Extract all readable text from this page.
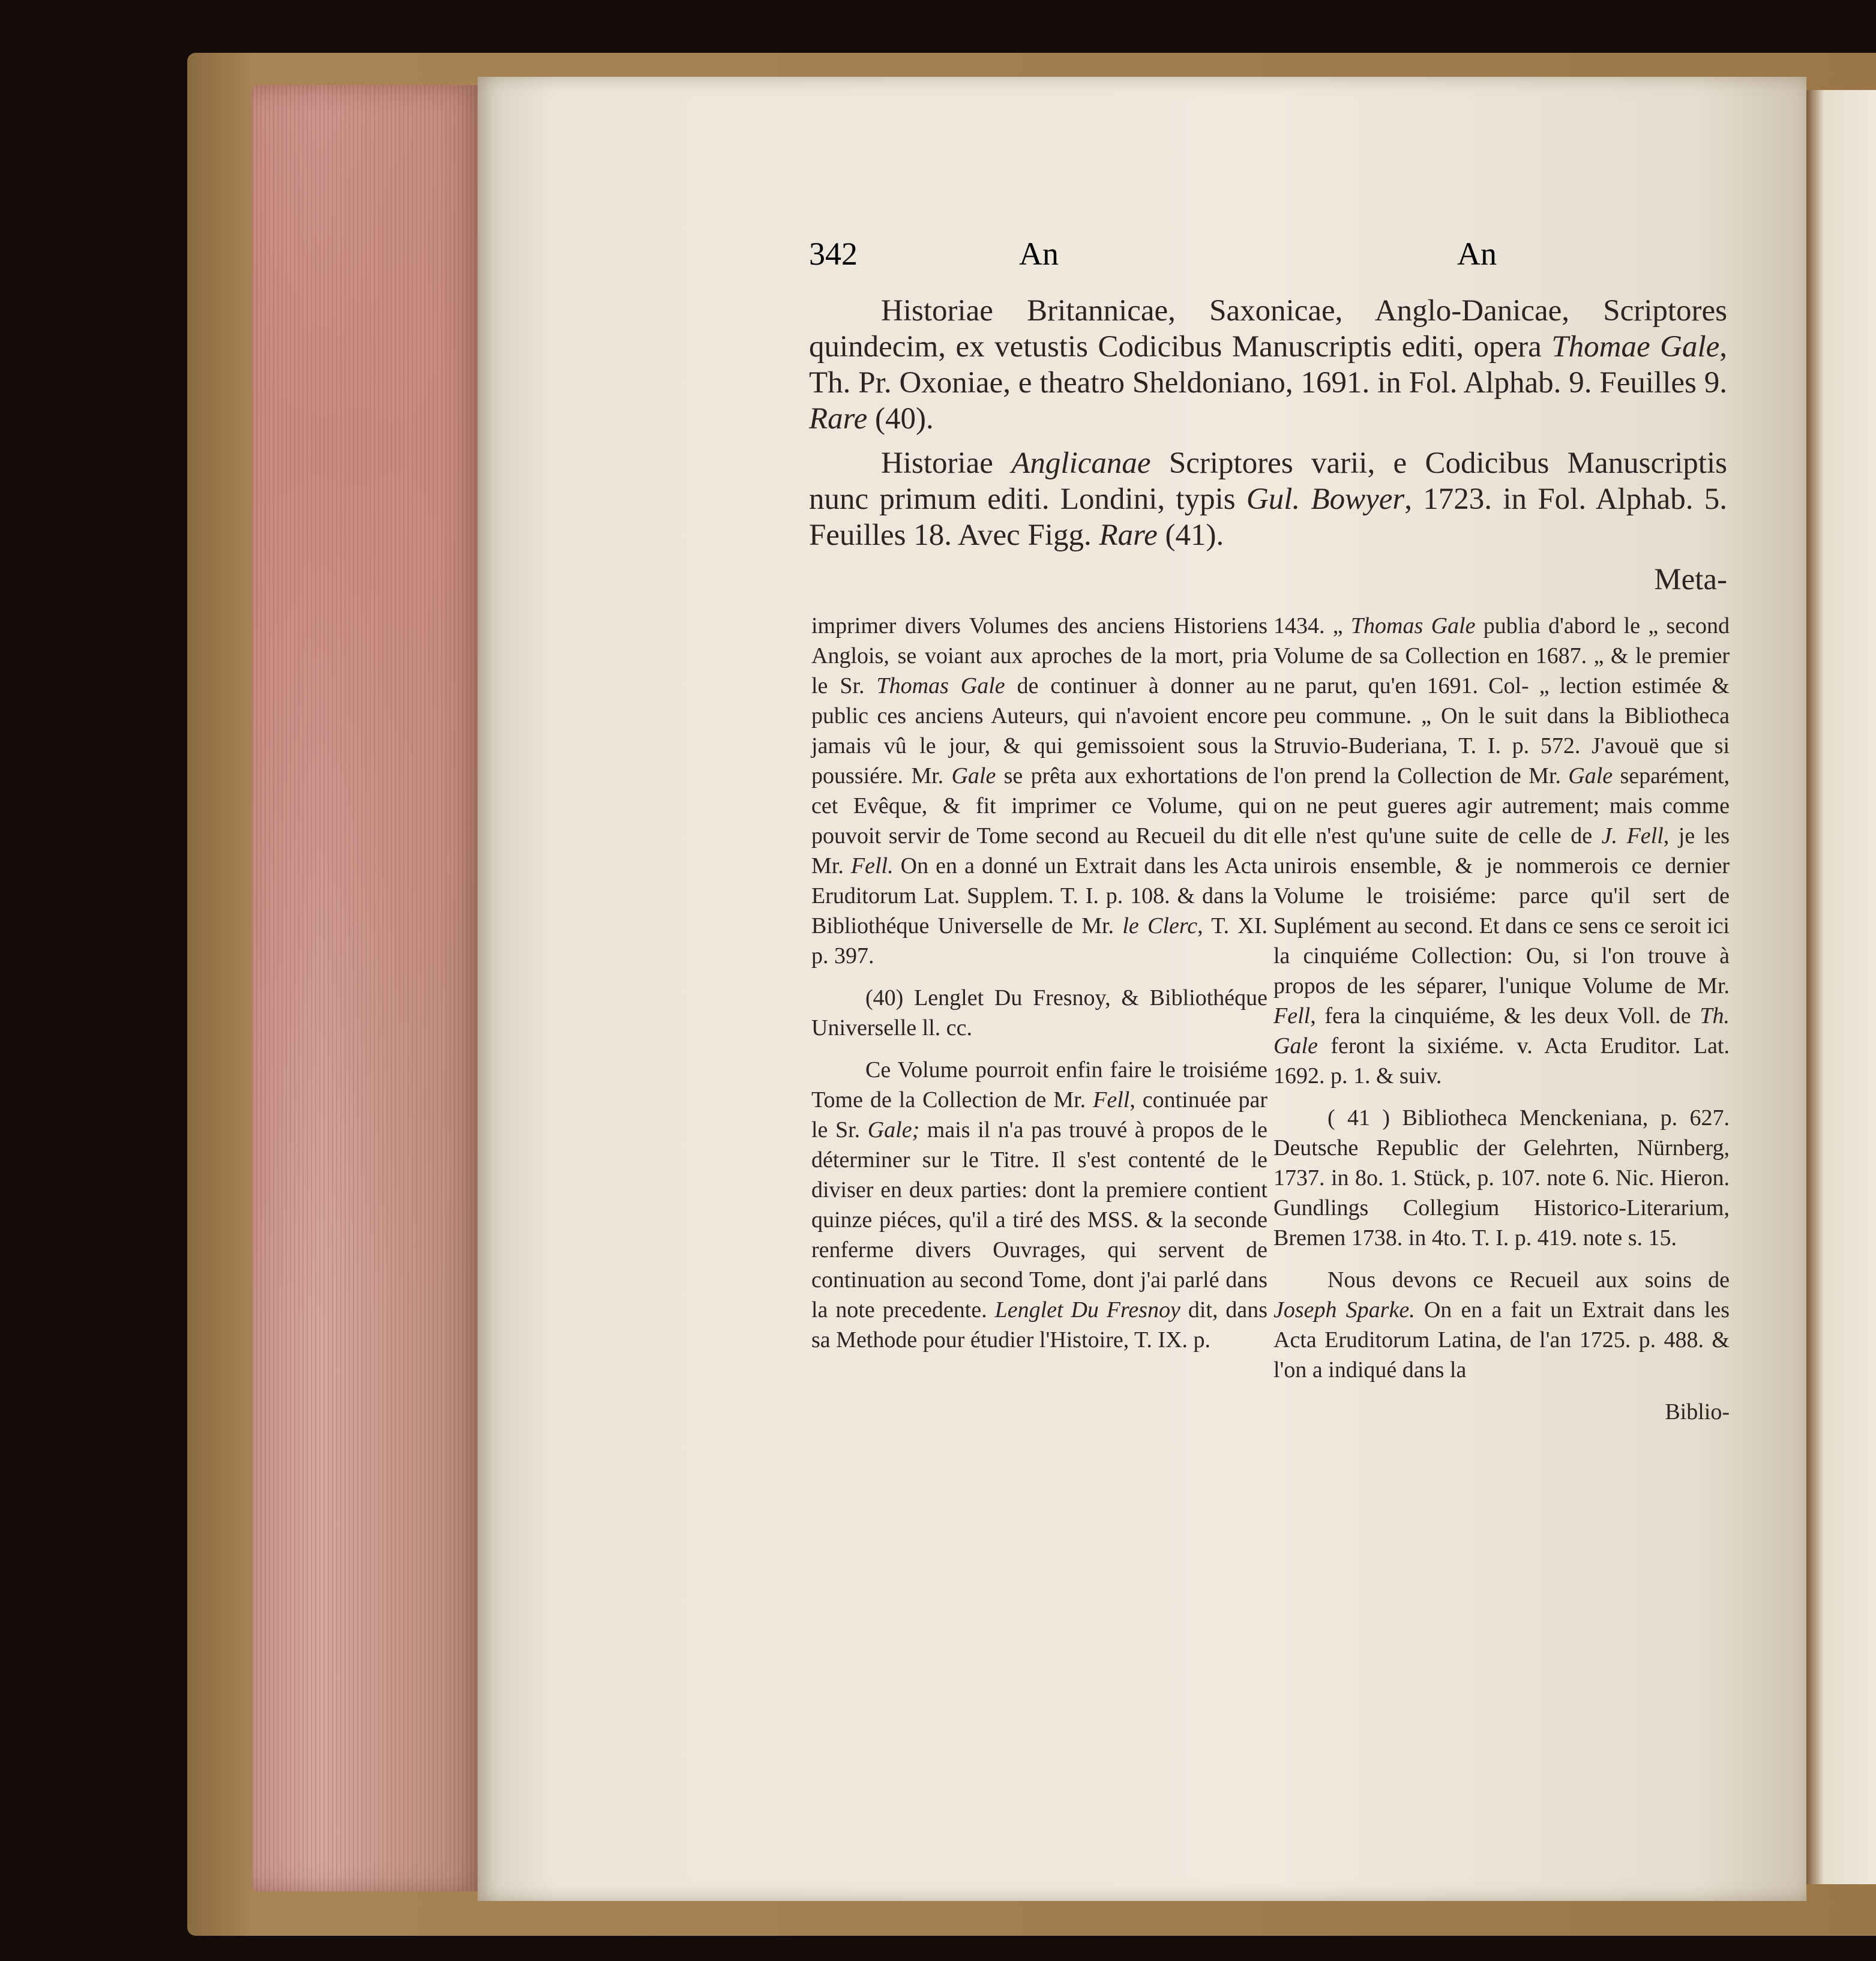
342	An	An

Historiae Britannicae, Saxonicae, Anglo-Danicae, Scriptores quindecim, ex vetustis Codicibus Manuscriptis editi, opera Thomae Gale, Th. Pr. Oxoniae, e theatro Sheldoniano, 1691. in Fol. Alphab. 9. Feuilles 9. Rare (40).

Historiae Anglicanae Scriptores varii, e Codicibus Manuscriptis nunc primum editi. Londini, typis Gul. Bowyer, 1723. in Fol. Alphab. 5. Feuilles 18. Avec Figg. Rare (41).

Meta-

imprimer divers Volumes des anciens Historiens Anglois, se voiant aux aproches de la mort, pria le Sr. Thomas Gale de continuer à donner au public ces anciens Auteurs, qui n'avoient encore jamais vû le jour, & qui gemissoient sous la poussiére. Mr. Gale se prêta aux exhortations de cet Evêque, & fit imprimer ce Volume, qui pouvoit servir de Tome second au Recueil du dit Mr. Fell. On en a donné un Extrait dans les Acta Eruditorum Lat. Supplem. T. I. p. 108. & dans la Bibliothéque Universelle de Mr. le Clerc, T. XI. p. 397.

(40) Lenglet Du Fresnoy, & Bibliothéque Universelle ll. cc.

Ce Volume pourroit enfin faire le troisiéme Tome de la Collection de Mr. Fell, continuée par le Sr. Gale; mais il n'a pas trouvé à propos de le déterminer sur le Titre. Il s'est contenté de le diviser en deux parties: dont la premiere contient quinze piéces, qu'il a tiré des MSS. & la seconde renferme divers Ouvrages, qui servent de continuation au second Tome, dont j'ai parlé dans la note precedente. Lenglet Du Fresnoy dit, dans sa Methode pour étudier l'Histoire, T. IX. p.

1434. „ Thomas Gale publia d'abord le „ second Volume de sa Collection en 1687. „ & le premier ne parut, qu'en 1691. Col- „ lection estimée & peu commune. „ On le suit dans la Bibliotheca Struvio-Buderiana, T. I. p. 572. J'avouë que si l'on prend la Collection de Mr. Gale separément, on ne peut gueres agir autrement; mais comme elle n'est qu'une suite de celle de J. Fell, je les unirois ensemble, & je nommerois ce dernier Volume le troisiéme: parce qu'il sert de Suplément au second. Et dans ce sens ce seroit ici la cinquiéme Collection: Ou, si l'on trouve à propos de les séparer, l'unique Volume de Mr. Fell, fera la cinquiéme, & les deux Voll. de Th. Gale feront la sixiéme. v. Acta Eruditor. Lat. 1692. p. 1. & suiv.

( 41 ) Bibliotheca Menckeniana, p. 627. Deutsche Republic der Gelehrten, Nürnberg, 1737. in 8o. 1. Stück, p. 107. note 6. Nic. Hieron. Gundlings Collegium Historico-Literarium, Bremen 1738. in 4to. T. I. p. 419. note s. 15.

Nous devons ce Recueil aux soins de Joseph Sparke. On en a fait un Extrait dans les Acta Eruditorum Latina, de l'an 1725. p. 488. & l'on a indiqué dans la

Biblio-
